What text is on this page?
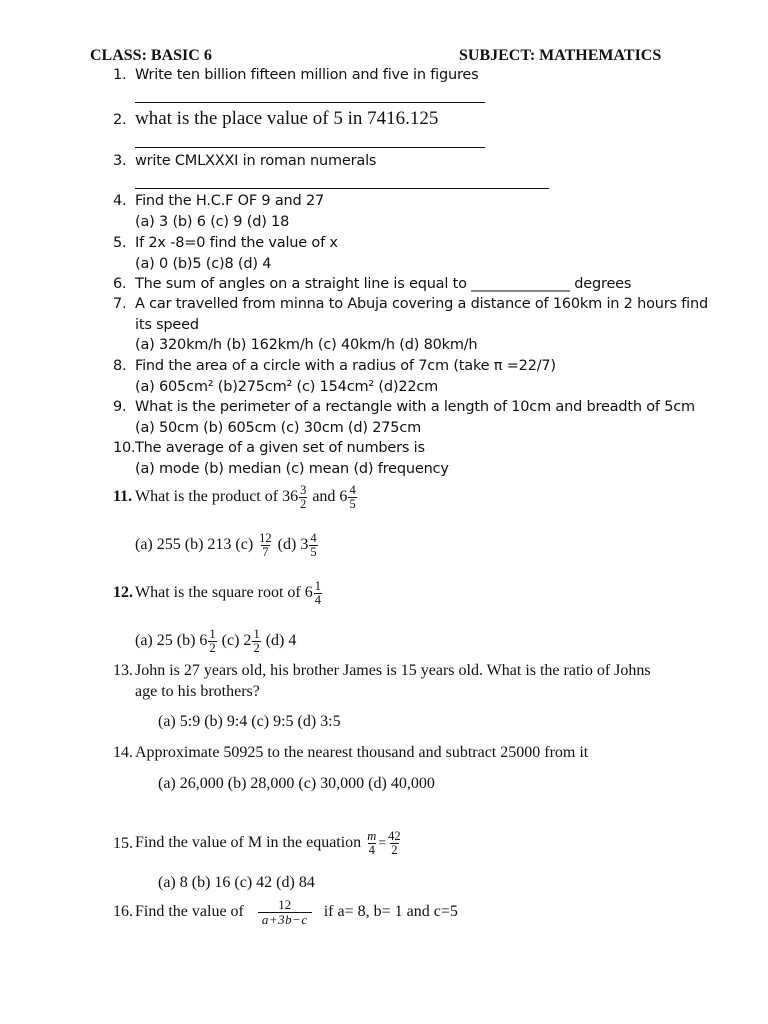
CLASS: BASIC 6	SUBJECT: MATHEMATICS
1. Write ten billion fifteen million and five in figures
2. what is the place value of 5 in 7416.125
3. write CMLXXXI in roman numerals
4. Find the H.C.F OF 9 and 27
(a) 3 (b) 6 (c) 9 (d) 18
5. If 2x -8=0 find the value of x
(a) 0 (b)5 (c)8 (d) 4
6. The sum of angles on a straight line is equal to ______________ degrees
7. A car travelled from minna to Abuja covering a distance of 160km in 2 hours find
its speed
(a) 320km/h (b) 162km/h (c) 40km/h (d) 80km/h
8. Find the area of a circle with a radius of 7cm (take π =22/7)
(a) 605cm² (b)275cm² (c) 154cm² (d)22cm
9. What is the perimeter of a rectangle with a length of 10cm and breadth of 5cm
(a) 50cm (b) 605cm (c) 30cm (d) 275cm
10. The average of a given set of numbers is
(a) mode (b) median (c) mean (d) frequency
11. What is the product of $36 \frac{3}{2}$ and $6 \frac{4}{5}$
(a) 255 (b) 213 $(c) \frac{12}{7} (d)$ $3 \frac{4}{5}$
12. What is the square root of $6 \frac{1}{4}$
(a) 25 (b) $6 \frac{1}{2} (c)$ $2 \frac{1}{2} (d)$ 4
13. John is 27 years old, his brother James is 15 years old. What is the ratio of Johns
age to his brothers?
(a) 5:9 (b) 9:4 (c) 9:5 (d) 3:5
14. Approximate 50925 to the nearest thousand and subtract 25000 from it
(a) 26,000 (b) 28,000 (c) 30,000 (d) 40,000
15. Find the value of M in the equation $\frac{m}{4} = \frac{42}{2}$
(a) 8 (b) 16 (c) 42 (d) 84
16. Find the value of $\frac{12}{a+3b-c}$ if a= 8, b= 1 and c=5
